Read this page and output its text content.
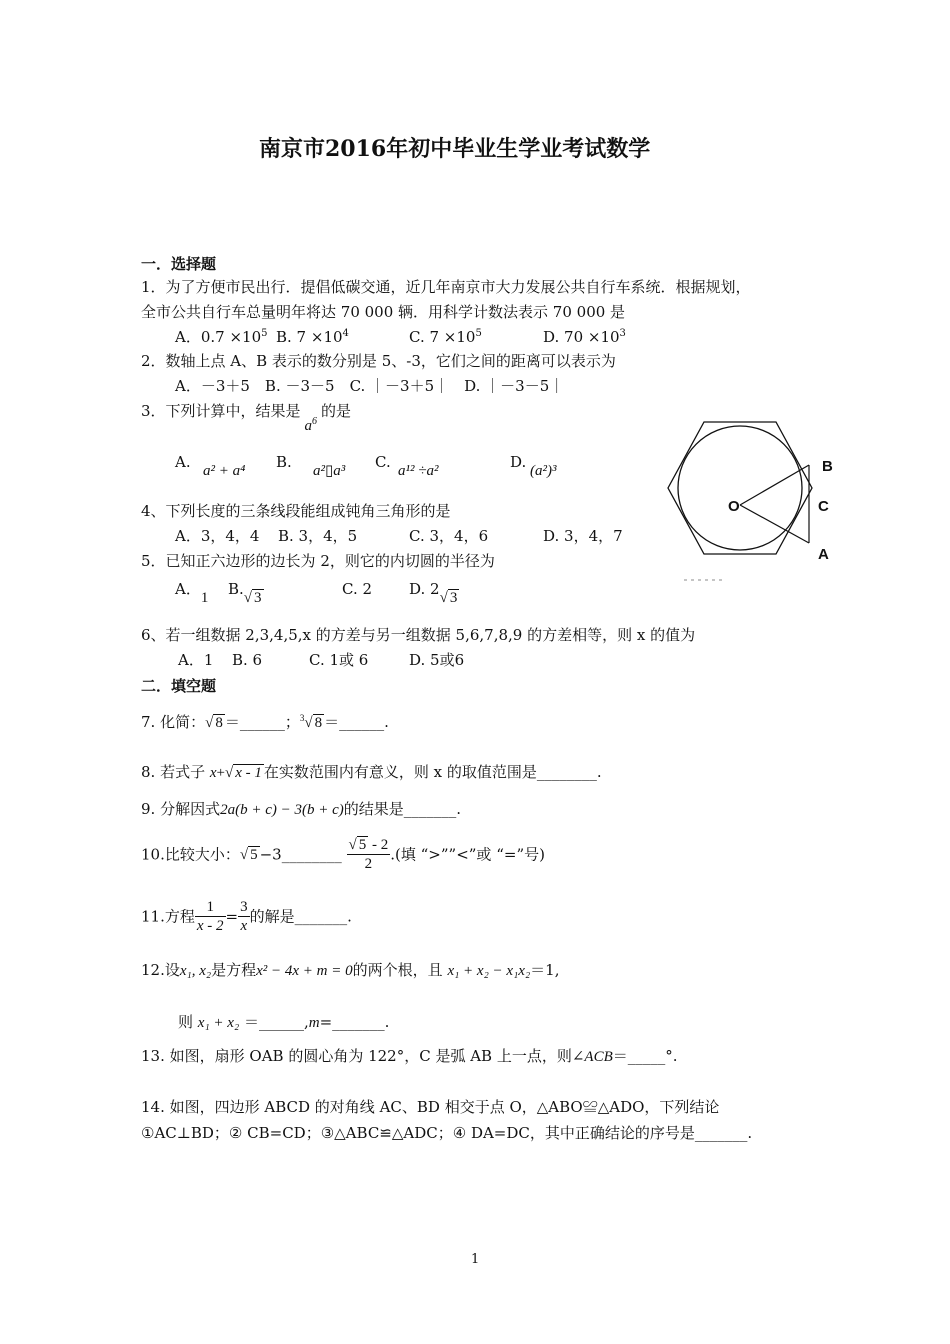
南京市2016年初中毕业生学业考试数学
一．选择题
1．为了方便市民出行．提倡低碳交通，近几年南京市大力发展公共自行车系统．根据规划，
全市公共自行车总量明年将达 70 000 辆．用科学计数法表示 70 000 是
A．$0.7 \times 10^5$ B. $7 \times 10^4$	C. $7 \times 10^5$	D. $70 \times 10^3$
2．数轴上点 A、B 表示的数分别是 5、-3，它们之间的距离可以表示为
A．－3＋5　B. －3－5　C. ｜－3＋5｜　D. ｜－3－5｜
3．下列计算中，结果是$a^6$的是
A. a² + a⁴ B. a²▯a³ C. a¹² ÷a²	D. (a²)³
4、下列长度的三条线段能组成钝角三角形的是
A．3，4，4 B. 3，4，5	C. 3，4，6	D. 3，4，7
5．已知正六边形的边长为 2，则它的内切圆的半径为
A．1 B.√ 3	C. 2 D. 2√ 3
O
B
C
A
6、若一组数据 2,3,4,5,x 的方差与另一组数据 5,6,7,8,9 的方差相等，则 x 的值为
A．1 B. 6	C. 1或 6	D. 5或6
二．填空题
7. 化简：√ 8 ＝______；$^3$√ 8 ＝______.
8. 若式子 x+√ x - 1 在实数范围内有意义，则 x 的取值范围是________.
9. 分解因式2a(b + c) − 3(b + c)的结果是_______.
10.比较大小：√ 5 −3________ $\frac{√ 5 - 2}{2}$ .(填 “>””<”或 “=”号)
11.方程 $\frac{1}{x - 2} = \frac{3}{x}$ 的解是_______.
12.设x₁, x₂是方程x² − 4x + m = 0的两个根，且 x₁ + x₂ − x₁x₂＝1,
则 x₁ + x₂ ＝______,m=_______.
13. 如图，扇形 OAB 的圆心角为 122°，C 是弧 AB 上一点，则∠ACB＝_____°.
14. 如图，四边形 ABCD 的对角线 AC、BD 相交于点 O，△ABO≌△ADO，下列结论
①AC⊥BD；② CB=CD；③△ABC≌△ADC；④ DA=DC，其中正确结论的序号是_______.
1
